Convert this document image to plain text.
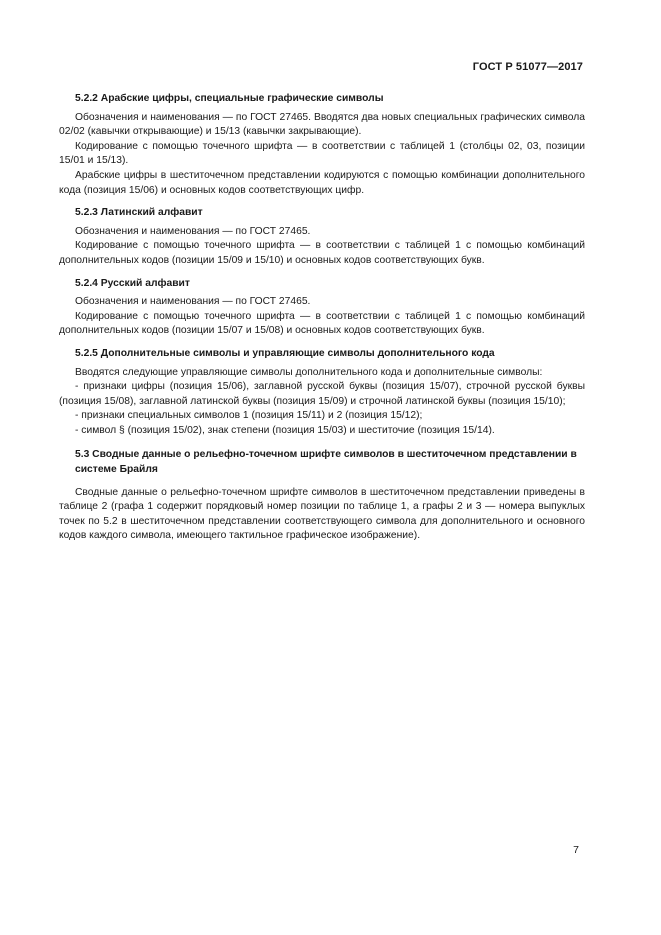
ГОСТ Р 51077—2017
5.2.2 Арабские цифры, специальные графические символы
Обозначения и наименования — по ГОСТ 27465. Вводятся два новых специальных графических символа 02/02 (кавычки открывающие) и 15/13 (кавычки закрывающие).
Кодирование с помощью точечного шрифта — в соответствии с таблицей 1 (столбцы 02, 03, позиции 15/01 и 15/13).
Арабские цифры в шеститочечном представлении кодируются с помощью комбинации дополнительного кода (позиция 15/06) и основных кодов соответствующих цифр.
5.2.3 Латинский алфавит
Обозначения и наименования — по ГОСТ 27465.
Кодирование с помощью точечного шрифта — в соответствии с таблицей 1 с помощью комбинаций дополнительных кодов (позиции 15/09 и 15/10) и основных кодов соответствующих букв.
5.2.4 Русский алфавит
Обозначения и наименования — по ГОСТ 27465.
Кодирование с помощью точечного шрифта — в соответствии с таблицей 1 с помощью комбинаций дополнительных кодов (позиции 15/07 и 15/08) и основных кодов соответствующих букв.
5.2.5 Дополнительные символы и управляющие символы дополнительного кода
Вводятся следующие управляющие символы дополнительного кода и дополнительные символы:
- признаки цифры (позиция 15/06), заглавной русской буквы (позиция 15/07), строчной русской буквы (позиция 15/08), заглавной латинской буквы (позиция 15/09) и строчной латинской буквы (позиция 15/10);
- признаки специальных символов 1 (позиция 15/11) и 2 (позиция 15/12);
- символ § (позиция 15/02), знак степени (позиция 15/03) и шеститочие (позиция 15/14).
5.3 Сводные данные о рельефно-точечном шрифте символов в шеститочечном представлении в системе Брайля
Сводные данные о рельефно-точечном шрифте символов в шеститочечном представлении приведены в таблице 2 (графа 1 содержит порядковый номер позиции по таблице 1, а графы 2 и 3 — номера выпуклых точек по 5.2 в шеститочечном представлении соответствующего символа для дополнительного и основного кодов каждого символа, имеющего тактильное графическое изображение).
7
